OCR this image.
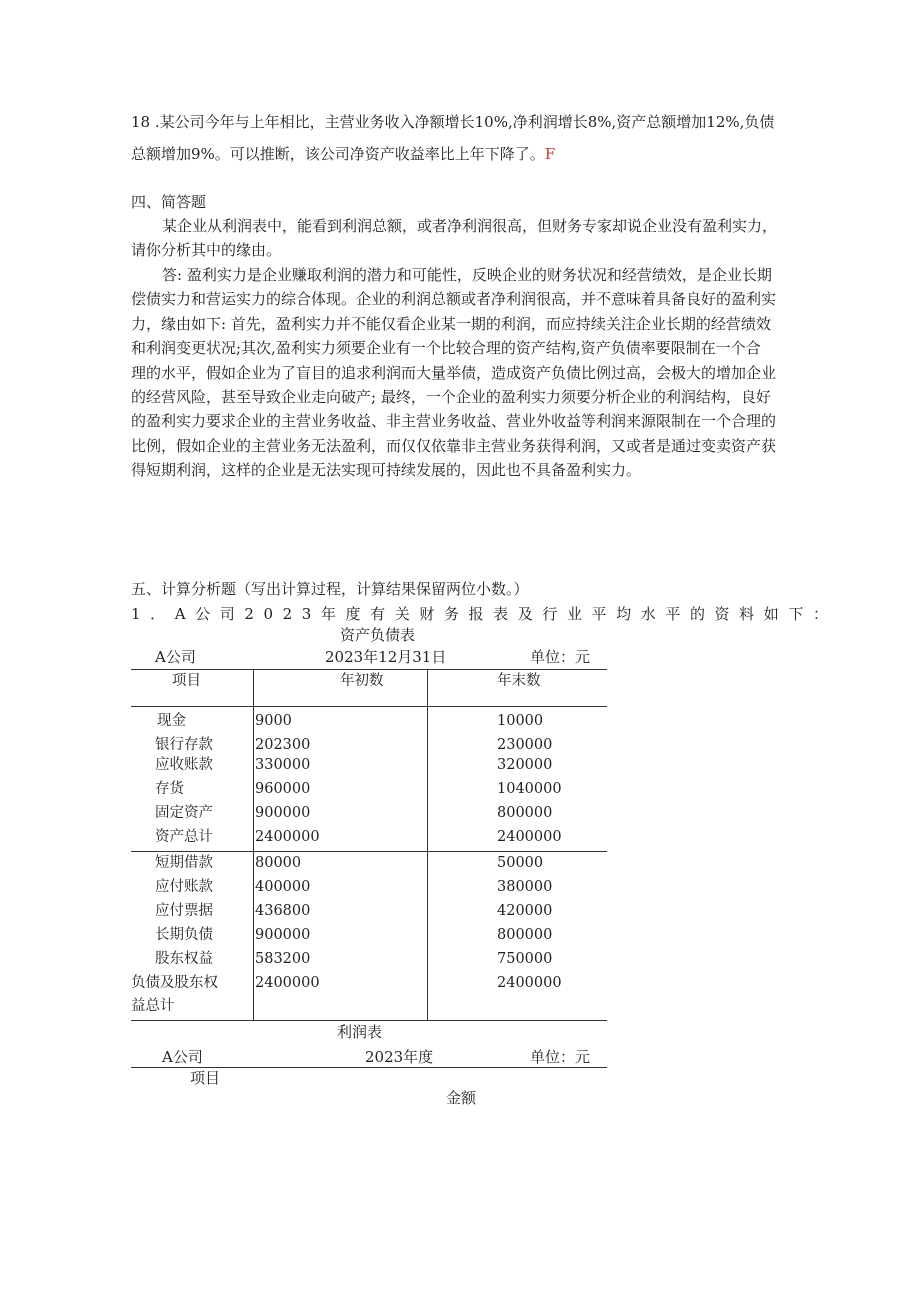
18 .某公司今年与上年相比，主营业务收入净额增长10%,净利润增长8%,资产总额增加12%,负债
总额增加9%。可以推断，该公司净资产收益率比上年下降了。F
四、简答题
某企业从利润表中，能看到利润总额，或者净利润很高，但财务专家却说企业没有盈利实力，
请你分析其中的缘由。
答: 盈利实力是企业赚取利润的潜力和可能性，反映企业的财务状况和经营绩效，是企业长期
偿债实力和营运实力的综合体现。企业的利润总额或者净利润很高，并不意味着具备良好的盈利实
力，缘由如下: 首先，盈利实力并不能仅看企业某一期的利润，而应持续关注企业长期的经营绩效
和利润变更状况;其次,盈利实力须要企业有一个比较合理的资产结构,资产负债率要限制在一个合
理的水平，假如企业为了盲目的追求利润而大量举债，造成资产负债比例过高，会极大的增加企业
的经营风险，甚至导致企业走向破产; 最终，一个企业的盈利实力须要分析企业的利润结构，良好
的盈利实力要求企业的主营业务收益、非主营业务收益、营业外收益等利润来源限制在一个合理的
比例，假如企业的主营业务无法盈利，而仅仅依靠非主营业务获得利润，又或者是通过变卖资产获
得短期利润，这样的企业是无法实现可持续发展的，因此也不具备盈利实力。
五、计算分析题（写出计算过程，计算结果保留两位小数。）
1．A公司2023年度有关财务报表及行业平均水平的资料如下：
资产负债表
A公司	2023年12月31日	单位：元
项目	年初数	年末数
现金	9000	10000
银行存款	202300	230000
应收账款	330000	320000
存货	960000	1040000
固定资产	900000	800000
资产总计	2400000	2400000
短期借款	80000	50000
应付账款	400000	380000
应付票据	436800	420000
长期负债	900000	800000
股东权益	583200	750000
负债及股东权	2400000	2400000
益总计
利润表
A公司	2023年度	单位：元
项目
金额
